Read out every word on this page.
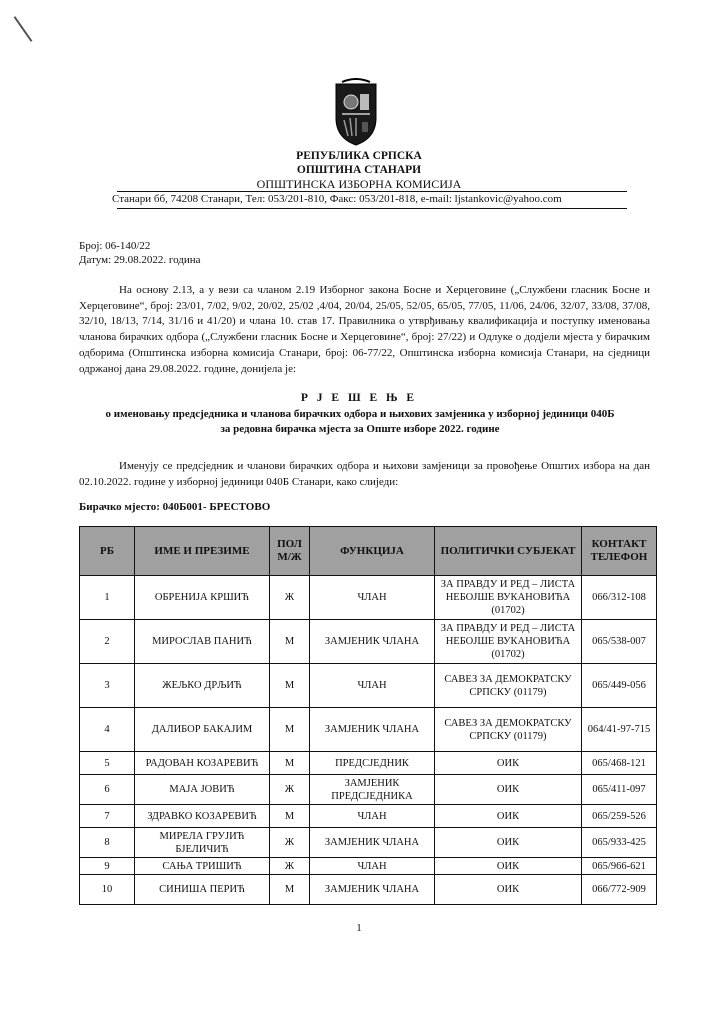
РЕПУБЛИКА СРПСКА
ОПШТИНА СТАНАРИ
ОПШТИНСКА ИЗБОРНА КОМИСИЈА
Станари бб, 74208 Станари, Тел: 053/201-810, Факс: 053/201-818, e-mail: ljstankovic@yahoo.com
Број: 06-140/22
Датум: 29.08.2022. година
На основу 2.13, а у вези са чланом 2.19 Изборног закона Босне и Херцеговине („Службени гласник Босне и Херцеговине“, број: 23/01, 7/02, 9/02, 20/02, 25/02 ,4/04, 20/04, 25/05, 52/05, 65/05, 77/05, 11/06, 24/06, 32/07, 33/08, 37/08, 32/10, 18/13, 7/14, 31/16 и 41/20) и члана 10. став 17. Правилника о утврђивању квалификација и поступку именовања чланова бирачких одбора („Службени гласник Босне и Херцеговине“, број: 27/22) и Одлуке о додјели мјеста у бирачким одборима (Општинска изборна комисија Станари, број: 06-77/22, Општинска изборна комисија Станари, на сједници одржаној дана 29.08.2022. године, донијела је:
Р Ј Е Ш Е Њ Е
о именовању предсједника и чланова бирачких одбора и њихових замјеника у изборној јединици 040Б
за редовна бирачка мјеста за Опште изборе 2022. године
Именују се предсједник и чланови бирачких одбора и њихови замјеници за провођење Општих избора на дан 02.10.2022. године у изборној јединици 040Б Станари, како слиједи:
Бирачко мјесто: 040Б001- БРЕСТОВО
РБ	ИМЕ И ПРЕЗИМЕ	ПОЛ М/Ж	ФУНКЦИЈА	ПОЛИТИЧКИ СУБЈЕКАТ	КОНТАКТ ТЕЛЕФОН
1	ОБРЕНИЈА КРШИЋ	Ж	ЧЛАН	ЗА ПРАВДУ И РЕД – ЛИСТА НЕБОЈШЕ ВУКАНОВИЋА (01702)	066/312-108
2	МИРОСЛАВ ПАНИЋ	М	ЗАМЈЕНИК ЧЛАНА	ЗА ПРАВДУ И РЕД – ЛИСТА НЕБОЈШЕ ВУКАНОВИЋА (01702)	065/538-007
3	ЖЕЉКО ДРЉИЋ	М	ЧЛАН	САВЕЗ ЗА ДЕМОКРАТСКУ СРПСКУ (01179)	065/449-056
4	ДАЛИБОР БАКАЈИМ	М	ЗАМЈЕНИК ЧЛАНА	САВЕЗ ЗА ДЕМОКРАТСКУ СРПСКУ (01179)	064/41-97-715
5	РАДОВАН КОЗАРЕВИЋ	М	ПРЕДСЈЕДНИК	ОИК	065/468-121
6	МАЈА ЈОВИЋ	Ж	ЗАМЈЕНИК ПРЕДСЈЕДНИКА	ОИК	065/411-097
7	ЗДРАВКО КОЗАРЕВИЋ	М	ЧЛАН	ОИК	065/259-526
8	МИРЕЛА ГРУЈИЋ БЈЕЛИЧИЋ	Ж	ЗАМЈЕНИК ЧЛАНА	ОИК	065/933-425
9	САЊА ТРИШИЋ	Ж	ЧЛАН	ОИК	065/966-621
10	СИНИША ПЕРИЋ	М	ЗАМЈЕНИК ЧЛАНА	ОИК	066/772-909
1
